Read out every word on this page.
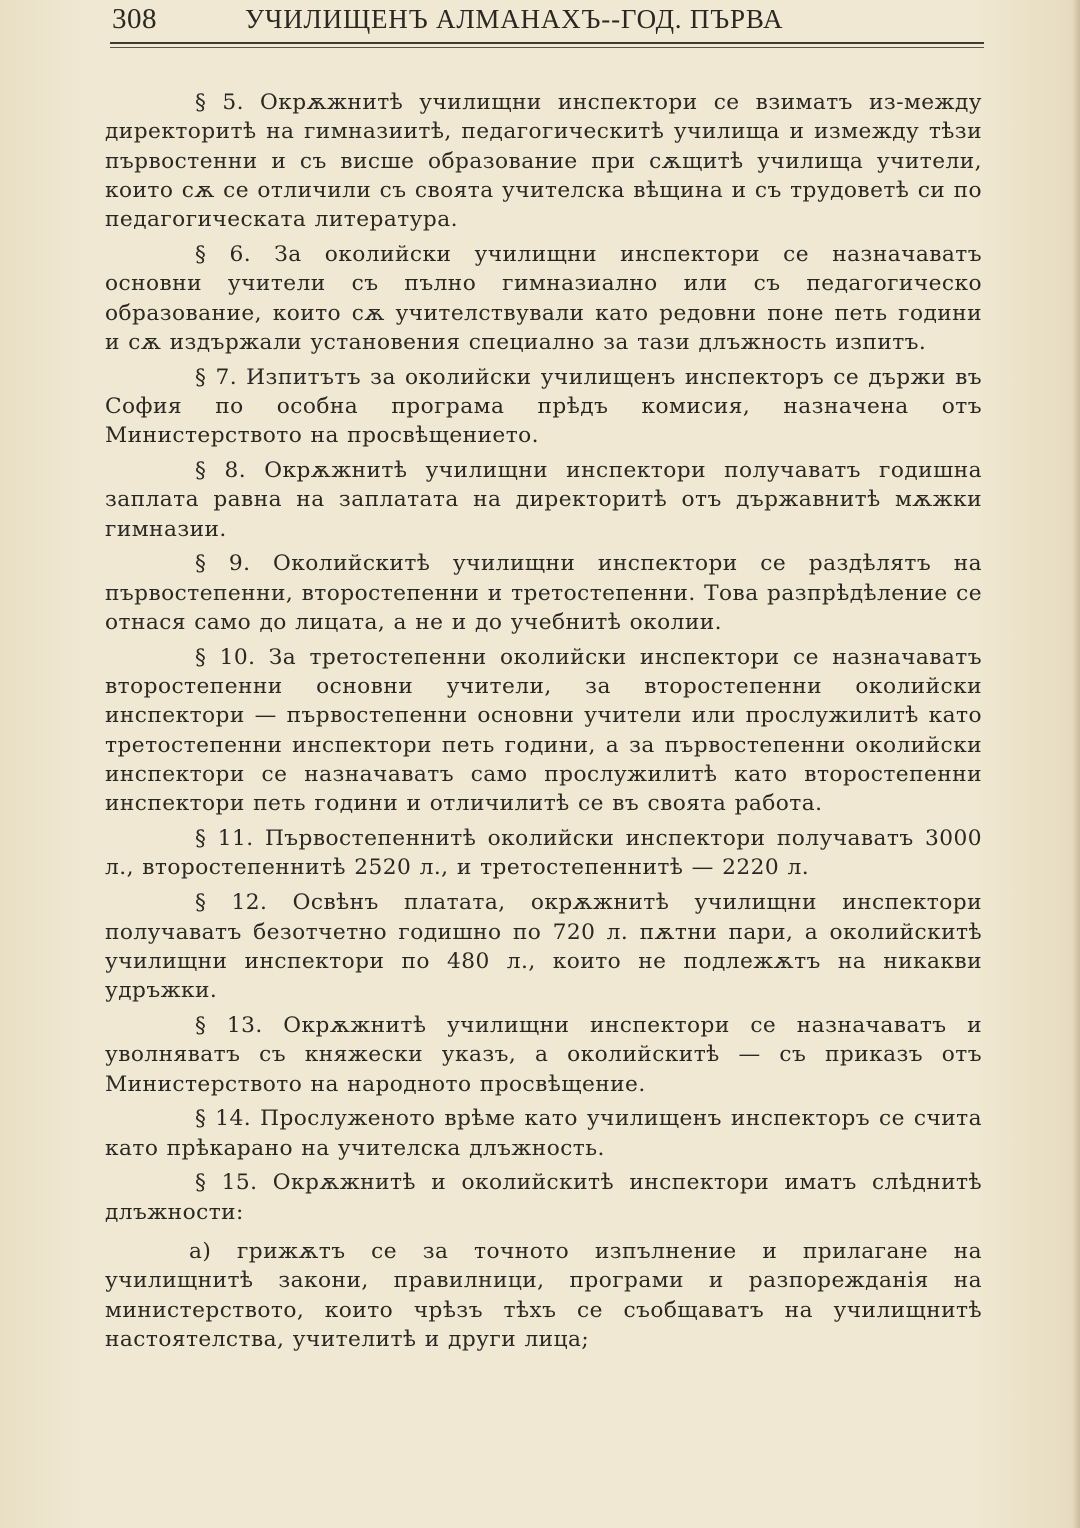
308	УЧИЛИЩЕНЪ АЛМАНАХЪ--ГОД. ПЪРВА

§ 5. Окрѫжнитѣ училищни инспектори се взиматъ из-между директоритѣ на гимназиитѣ, педагогическитѣ училища и измежду тѣзи първостенни и съ висше образование при сѫщитѣ училища учители, които сѫ се отличили съ своята учителска вѣщина и съ трудоветѣ си по педагогическата литература.

§ 6. За околийски училищни инспектори се назначаватъ основни учители съ пълно гимназиално или съ педагогическо образование, които сѫ учителствували като редовни поне петь години и сѫ издържали установения специално за тази длъжность изпитъ.

§ 7. Изпитътъ за околийски училищенъ инспекторъ се държи въ София по особна програма прѣдъ комисия, назначена отъ Министерството на просвѣщението.

§ 8. Окрѫжнитѣ училищни инспектори получаватъ годишна заплата равна на заплатата на директоритѣ отъ държавнитѣ мѫжки гимназии.

§ 9. Околийскитѣ училищни инспектори се раздѣлятъ на първостепенни, второстепенни и третостепенни. Това разпрѣдѣление се отнася само до лицата, а не и до учебнитѣ околии.

§ 10. За третостепенни околийски инспектори се назначаватъ второстепенни основни учители, за второстепенни околийски инспектори — първостепенни основни учители или прослужилитѣ като третостепенни инспектори петь години, а за първостепенни околийски инспектори се назначаватъ само прослужилитѣ като второстепенни инспектори петь години и отличилитѣ се въ своята работа.

§ 11. Първостепеннитѣ околийски инспектори получаватъ 3000 л., второстепеннитѣ 2520 л., и третостепеннитѣ — 2220 л.

§ 12. Освѣнъ платата, окрѫжнитѣ училищни инспектори получаватъ безотчетно годишно по 720 л. пѫтни пари, а околийскитѣ училищни инспектори по 480 л., които не подлежѫтъ на никакви удръжки.

§ 13. Окрѫжнитѣ училищни инспектори се назначаватъ и уволняватъ съ княжески указъ, а околийскитѣ — съ приказъ отъ Министерството на народното просвѣщение.

§ 14. Прослуженото врѣме като училищенъ инспекторъ се счита като прѣкарано на учителска длъжность.

§ 15. Окрѫжнитѣ и околийскитѣ инспектори иматъ слѣднитѣ длъжности:

а) грижѫтъ се за точното изпълнение и прилагане на училищнитѣ закони, правилници, програми и разпорежданія на министерството, които чрѣзъ тѣхъ се съобщаватъ на училищнитѣ настоятелства, учителитѣ и други лица;
